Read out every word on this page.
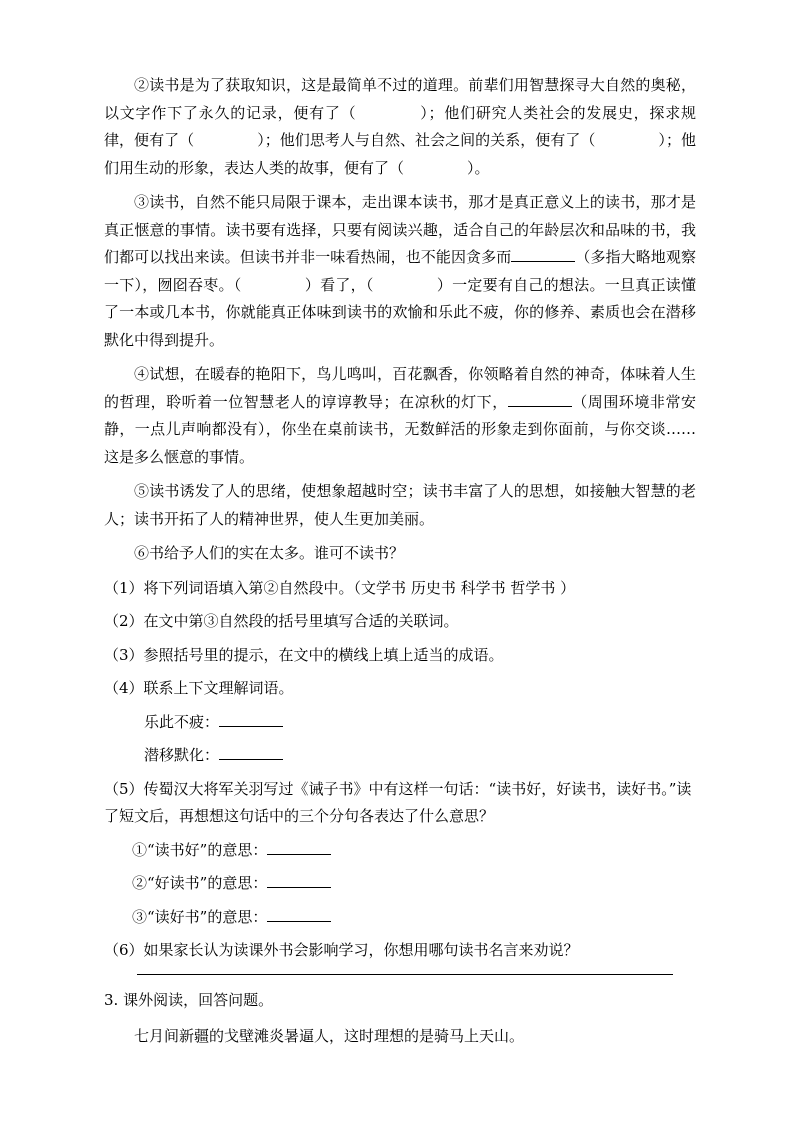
②读书是为了获取知识，这是最简单不过的道理。前辈们用智慧探寻大自然的奥秘，以文字作下了永久的记录，便有了（	）；他们研究人类社会的发展史，探求规律，便有了（	）；他们思考人与自然、社会之间的关系，便有了（	）；他们用生动的形象，表达人类的故事，便有了（	）。

③读书，自然不能只局限于课本，走出课本读书，那才是真正意义上的读书，那才是真正惬意的事情。读书要有选择，只要有阅读兴趣，适合自己的年龄层次和品味的书，我们都可以找出来读。但读书并非一味看热闹，也不能因贪多而	（多指大略地观察一下），囫囵吞枣。（	）看了，（	）一定要有自己的想法。一旦真正读懂了一本或几本书，你就能真正体味到读书的欢愉和乐此不疲，你的修养、素质也会在潜移默化中得到提升。

④试想，在暖春的艳阳下，鸟儿鸣叫，百花飘香，你领略着自然的神奇，体味着人生的哲理，聆听着一位智慧老人的谆谆教导；在凉秋的灯下，	（周围环境非常安静，一点儿声响都没有），你坐在桌前读书，无数鲜活的形象走到你面前，与你交谈……这是多么惬意的事情。

⑤读书诱发了人的思绪，使想象超越时空；读书丰富了人的思想，如接触大智慧的老人；读书开拓了人的精神世界，使人生更加美丽。

⑥书给予人们的实在太多。谁可不读书？

（1）将下列词语填入第②自然段中。（文学书 历史书 科学书 哲学书 ）

（2）在文中第③自然段的括号里填写合适的关联词。

（3）参照括号里的提示，在文中的横线上填上适当的成语。

（4）联系上下文理解词语。

乐此不疲：

潜移默化：

（5）传蜀汉大将军关羽写过《诫子书》中有这样一句话：“读书好，好读书，读好书。”读了短文后，再想想这句话中的三个分句各表达了什么意思？

①“读书好”的意思：

②“好读书”的意思：

③“读好书”的意思：

（6）如果家长认为读课外书会影响学习，你想用哪句读书名言来劝说？

3. 课外阅读，回答问题。
七月间新疆的戈壁滩炎暑逼人，这时理想的是骑马上天山。
